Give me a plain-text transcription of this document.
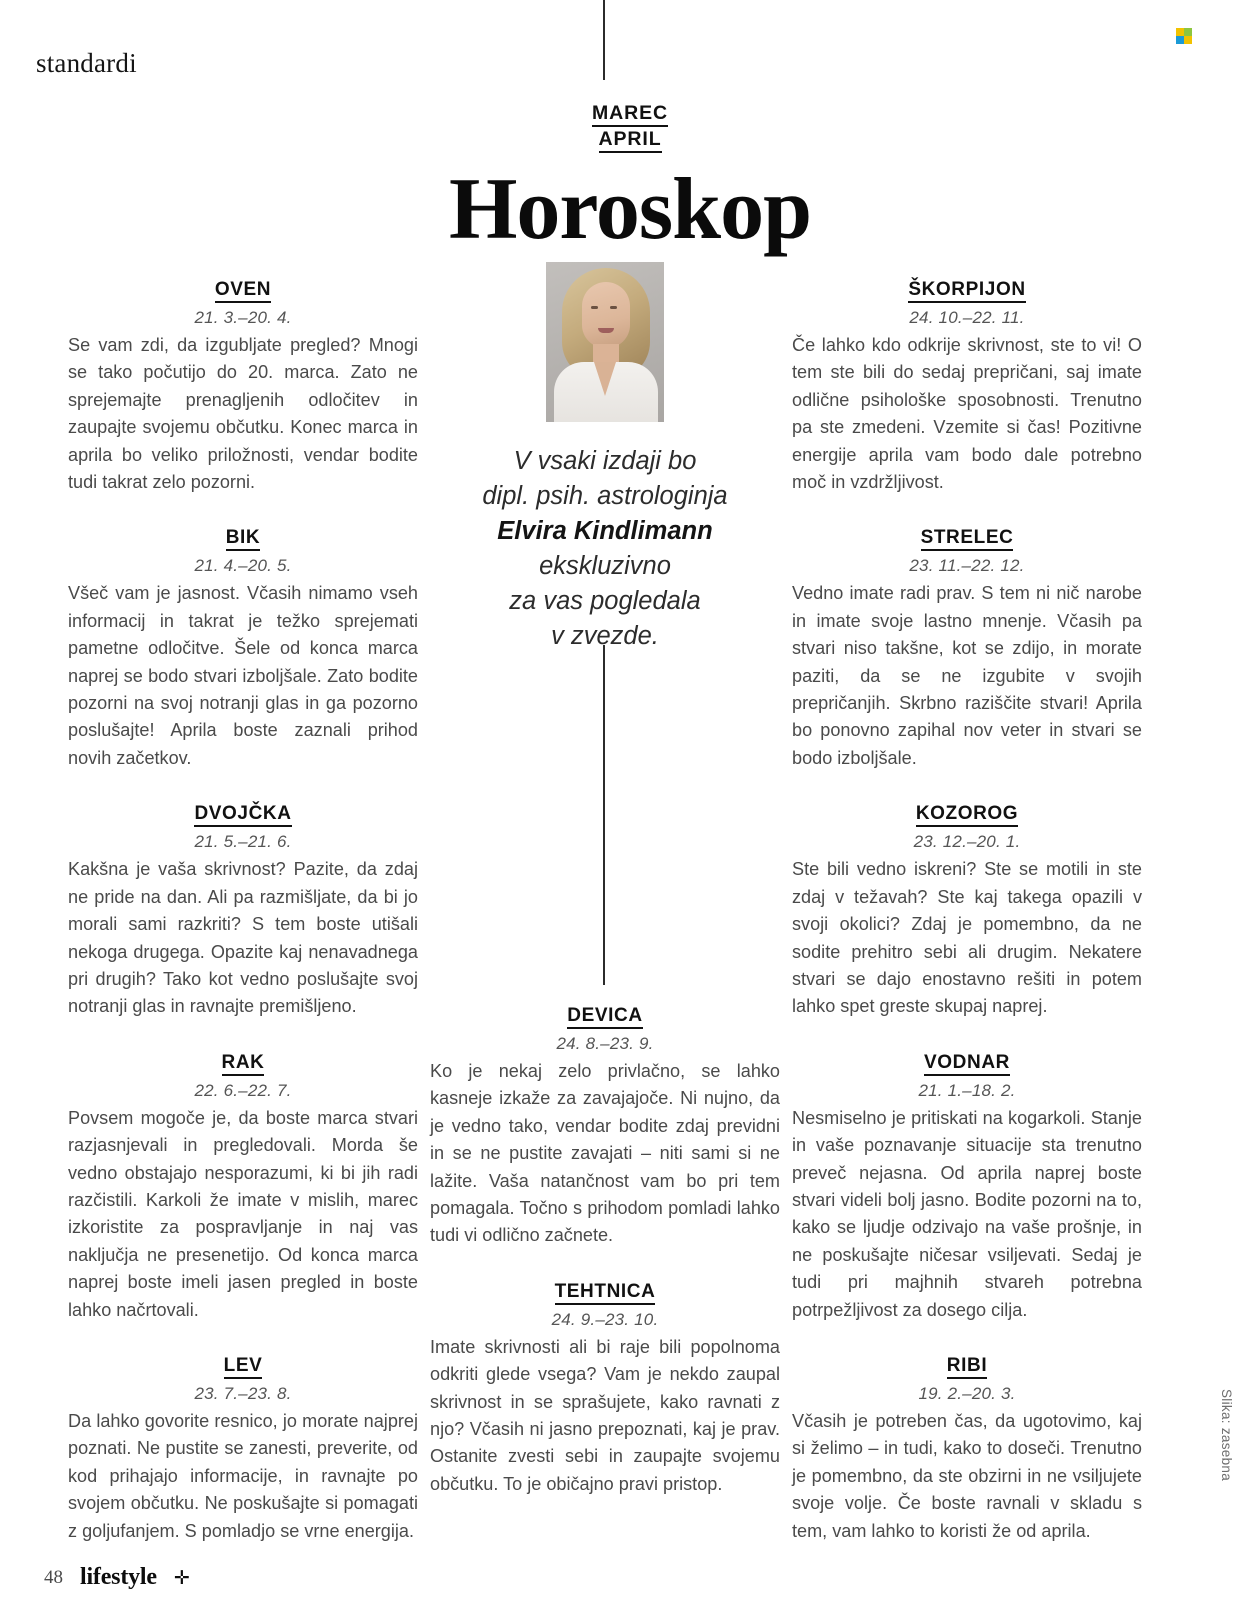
standardi
MAREC
APRIL
Horoskop
OVEN
21. 3.–20. 4.
Se vam zdi, da izgubljate pregled? Mnogi se tako počutijo do 20. marca. Zato ne sprejemajte prenagljenih odločitev in zaupajte svojemu občutku. Konec marca in aprila bo veliko priložnosti, vendar bodite tudi takrat zelo pozorni.
BIK
21. 4.–20. 5.
Všeč vam je jasnost. Včasih nimamo vseh informacij in takrat je težko sprejemati pametne odločitve. Šele od konca marca naprej se bodo stvari izboljšale. Zato bodite pozorni na svoj notranji glas in ga pozorno poslušajte! Aprila boste zaznali prihod novih začetkov.
DVOJČKA
21. 5.–21. 6.
Kakšna je vaša skrivnost? Pazite, da zdaj ne pride na dan. Ali pa razmišljate, da bi jo morali sami razkriti? S tem boste utišali nekoga drugega. Opazite kaj nenavadnega pri drugih? Tako kot vedno poslušajte svoj notranji glas in ravnajte premišljeno.
RAK
22. 6.–22. 7.
Povsem mogoče je, da boste marca stvari razjasnjevali in pregledovali. Morda še vedno obstajajo nesporazumi, ki bi jih radi razčistili. Karkoli že imate v mislih, marec izkoristite za pospravljanje in naj vas naključja ne presenetijo. Od konca marca naprej boste imeli jasen pregled in boste lahko načrtovali.
LEV
23. 7.–23. 8.
Da lahko govorite resnico, jo morate najprej poznati. Ne pustite se zanesti, preverite, od kod prihajajo informacije, in ravnajte po svojem občutku. Ne poskušajte si pomagati z goljufanjem. S pomladjo se vrne energija.
V vsaki izdaji bo
dipl. psih. astrologinja
Elvira Kindlimann
ekskluzivno
za vas pogledala
v zvezde.
DEVICA
24. 8.–23. 9.
Ko je nekaj zelo privlačno, se lahko kasneje izkaže za zavajajoče. Ni nujno, da je vedno tako, vendar bodite zdaj previdni in se ne pustite zavajati – niti sami si ne lažite. Vaša natančnost vam bo pri tem pomagala. Točno s prihodom pomladi lahko tudi vi odlično začnete.
TEHTNICA
24. 9.–23. 10.
Imate skrivnosti ali bi raje bili popolnoma odkriti glede vsega? Vam je nekdo zaupal skrivnost in se sprašujete, kako ravnati z njo? Včasih ni jasno prepoznati, kaj je prav. Ostanite zvesti sebi in zaupajte svojemu občutku. To je običajno pravi pristop.
ŠKORPIJON
24. 10.–22. 11.
Če lahko kdo odkrije skrivnost, ste to vi! O tem ste bili do sedaj prepričani, saj imate odlične psihološke sposobnosti. Trenutno pa ste zmedeni. Vzemite si čas! Pozitivne energije aprila vam bodo dale potrebno moč in vzdržljivost.
STRELEC
23. 11.–22. 12.
Vedno imate radi prav. S tem ni nič narobe in imate svoje lastno mnenje. Včasih pa stvari niso takšne, kot se zdijo, in morate paziti, da se ne izgubite v svojih prepričanjih. Skrbno raziščite stvari! Aprila bo ponovno zapihal nov veter in stvari se bodo izboljšale.
KOZOROG
23. 12.–20. 1.
Ste bili vedno iskreni? Ste se motili in ste zdaj v težavah? Ste kaj takega opazili v svoji okolici? Zdaj je pomembno, da ne sodite prehitro sebi ali drugim. Nekatere stvari se dajo enostavno rešiti in potem lahko spet greste skupaj naprej.
VODNAR
21. 1.–18. 2.
Nesmiselno je pritiskati na kogarkoli. Stanje in vaše poznavanje situacije sta trenutno preveč nejasna. Od aprila naprej boste stvari videli bolj jasno. Bodite pozorni na to, kako se ljudje odzivajo na vaše prošnje, in ne poskušajte ničesar vsiljevati. Sedaj je tudi pri majhnih stvareh potrebna potrpežljivost za dosego cilja.
RIBI
19. 2.–20. 3.
Včasih je potreben čas, da ugotovimo, kaj si želimo – in tudi, kako to doseči. Trenutno je pomembno, da ste obzirni in ne vsiljujete svoje volje. Če boste ravnali v skladu s tem, vam lahko to koristi že od aprila.
Slika: zasebna
48 lifestyle ✛
